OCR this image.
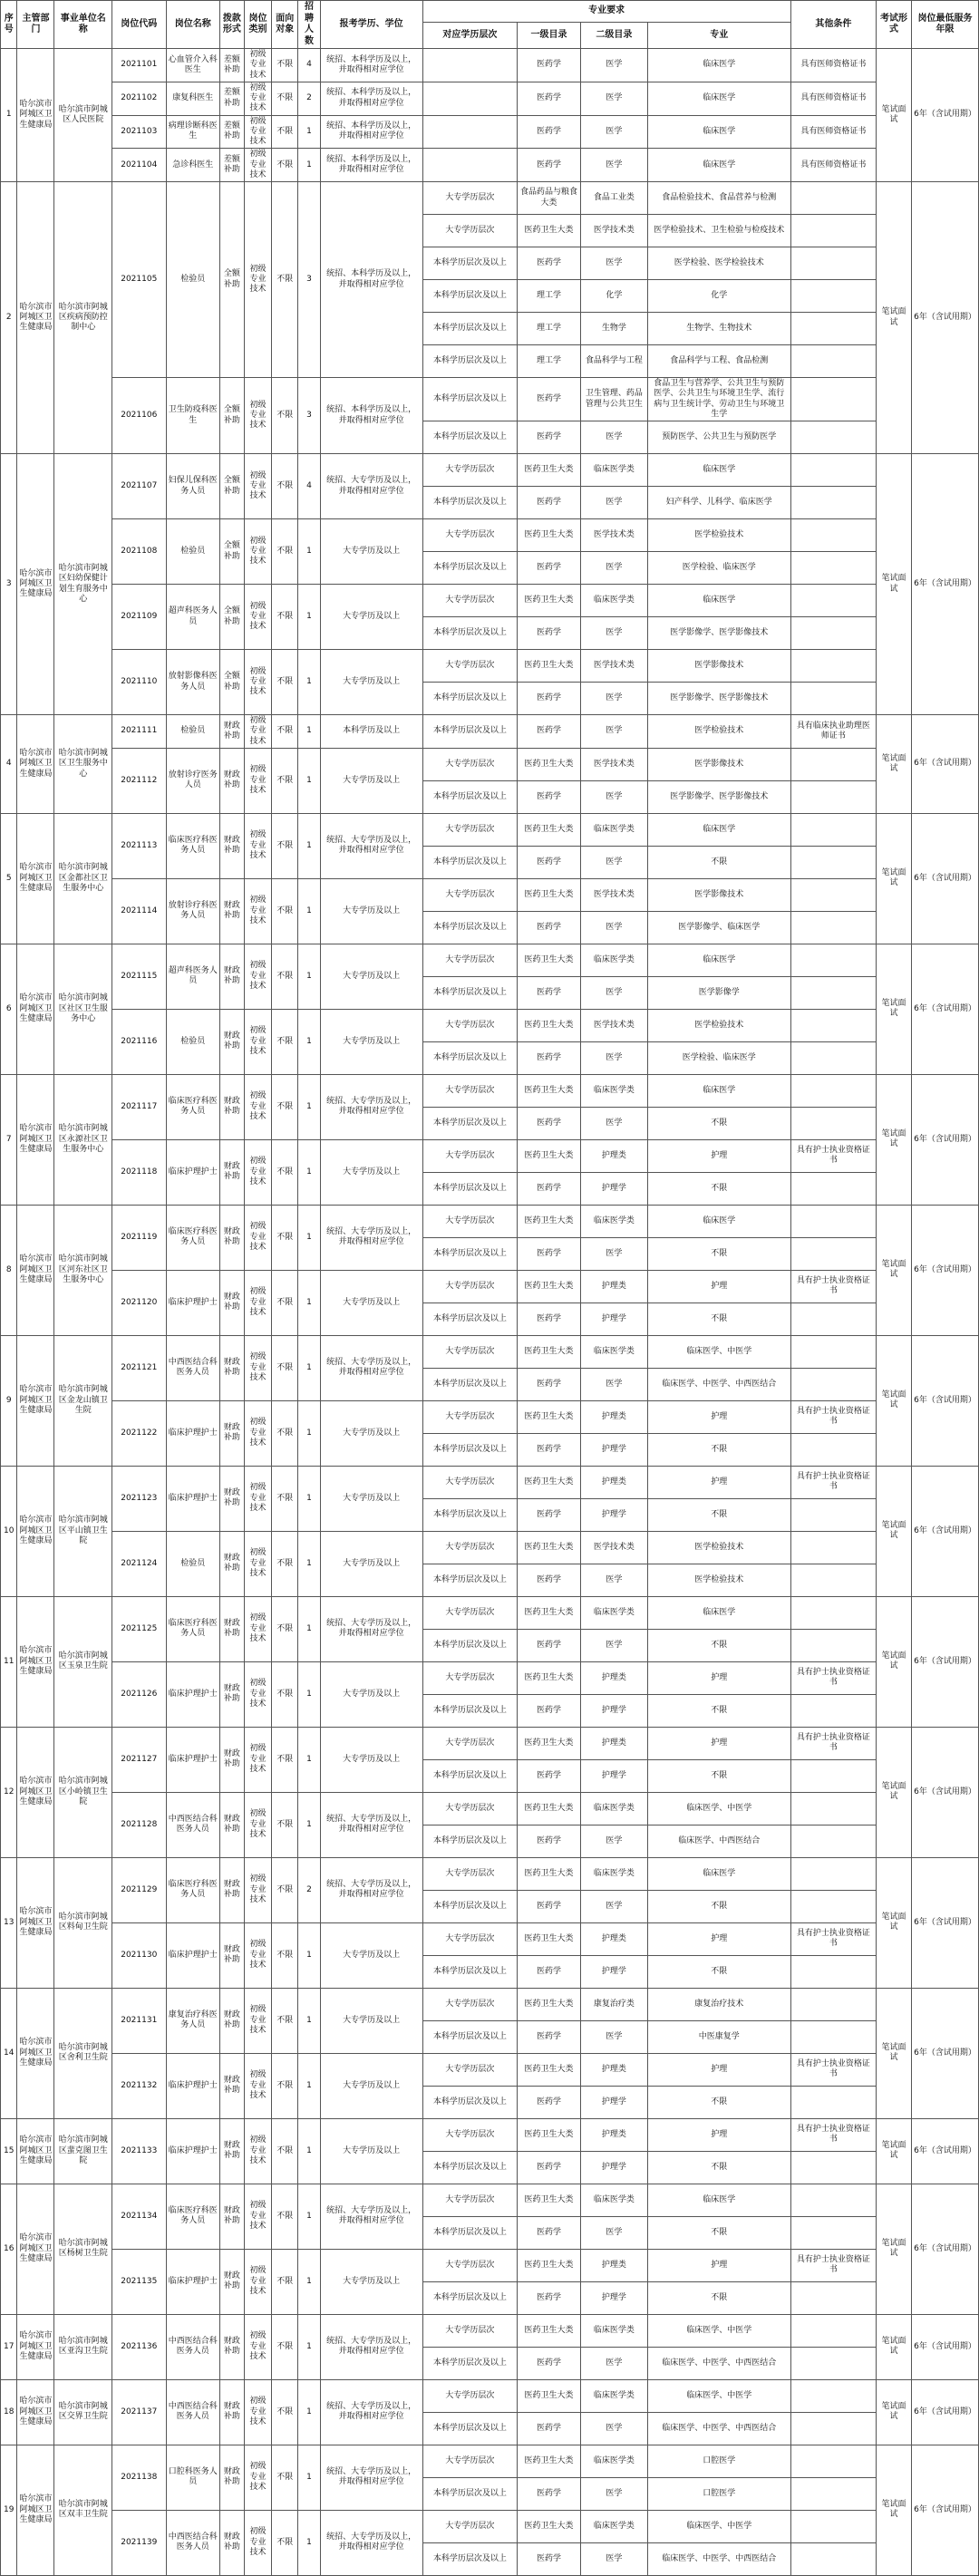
序号	主管部门	事业单位名称	岗位代码	岗位名称	拨款形式	岗位类别	面向对象	招聘人数	报考学历、学位	专业要求				其他条件	考试形式	岗位最低服务年限
										对应学历层次	一级目录	二级目录	专业			
1	哈尔滨市阿城区卫生健康局	哈尔滨市阿城区人民医院	2021101	心血管介入科医生	差额补助	初级专业技术	不限	4	统招、本科学历及以上，并取得相对应学位		医药学	医学	临床医学	具有医师资格证书	笔试面试	6年（含试用期）
			2021102	康复科医生	差额补助	初级专业技术	不限	2	统招、本科学历及以上，并取得相对应学位		医药学	医学	临床医学	具有医师资格证书		
			2021103	病理诊断科医生	差额补助	初级专业技术	不限	1	统招、本科学历及以上，并取得相对应学位		医药学	医学	临床医学	具有医师资格证书		
			2021104	急诊科医生	差额补助	初级专业技术	不限	1	统招、本科学历及以上，并取得相对应学位		医药学	医学	临床医学	具有医师资格证书		
2	哈尔滨市阿城区卫生健康局	哈尔滨市阿城区疾病预防控制中心	2021105	检验员	全额补助	初级专业技术	不限	3	统招、本科学历及以上，并取得相对应学位	大专学历层次	食品药品与粮食大类	食品工业类	食品检验技术、食品营养与检测		笔试面试	6年（含试用期）
										大专学历层次	医药卫生大类	医学技术类	医学检验技术、卫生检验与检疫技术			
										本科学历层次及以上	医药学	医学	医学检验、医学检验技术			
										本科学历层次及以上	理工学	化学	化学			
										本科学历层次及以上	理工学	生物学	生物学、生物技术			
										本科学历层次及以上	理工学	食品科学与工程	食品科学与工程、食品检测			
			2021106	卫生防疫科医生	全额补助	初级专业技术	不限	3	统招、本科学历及以上，并取得相对应学位	本科学历层次及以上	医药学	卫生管理、药品管理与公共卫生	食品卫生与营养学、公共卫生与预防医学、公共卫生与环境卫生学、流行病与卫生统计学、劳动卫生与环境卫生学			
										本科学历层次及以上	医药学	医学	预防医学、公共卫生与预防医学			
3	哈尔滨市阿城区卫生健康局	哈尔滨市阿城区妇幼保健计划生育服务中心	2021107	妇保儿保科医务人员	全额补助	初级专业技术	不限	4	统招、大专学历及以上，并取得相对应学位	大专学历层次	医药卫生大类	临床医学类	临床医学		笔试面试	6年（含试用期）
										本科学历层次及以上	医药学	医学	妇产科学、儿科学、临床医学			
			2021108	检验员	全额补助	初级专业技术	不限	1	大专学历及以上	大专学历层次	医药卫生大类	医学技术类	医学检验技术			
										本科学历层次及以上	医药学	医学	医学检验、临床医学			
			2021109	超声科医务人员	全额补助	初级专业技术	不限	1	大专学历及以上	大专学历层次	医药卫生大类	临床医学类	临床医学			
										本科学历层次及以上	医药学	医学	医学影像学、医学影像技术			
			2021110	放射影像科医务人员	全额补助	初级专业技术	不限	1	大专学历及以上	大专学历层次	医药卫生大类	医学技术类	医学影像技术			
										本科学历层次及以上	医药学	医学	医学影像学、医学影像技术			
4	哈尔滨市阿城区卫生健康局	哈尔滨市阿城区卫生服务中心	2021111	检验员	财政补助	初级专业技术	不限	1	本科学历及以上	本科学历层次及以上	医药学	医学	医学检验技术	具有临床执业助理医师证书	笔试面试	6年（含试用期）
			2021112	放射诊疗医务人员	财政补助	初级专业技术	不限	1	大专学历及以上	大专学历层次	医药卫生大类	医学技术类	医学影像技术			
										本科学历层次及以上	医药学	医学	医学影像学、医学影像技术			
5	哈尔滨市阿城区卫生健康局	哈尔滨市阿城区金都社区卫生服务中心	2021113	临床医疗科医务人员	财政补助	初级专业技术	不限	1	统招、大专学历及以上，并取得相对应学位	大专学历层次	医药卫生大类	临床医学类	临床医学		笔试面试	6年（含试用期）
										本科学历层次及以上	医药学	医学	不限			
			2021114	放射诊疗科医务人员	财政补助	初级专业技术	不限	1	大专学历及以上	大专学历层次	医药卫生大类	医学技术类	医学影像技术			
										本科学历层次及以上	医药学	医学	医学影像学、临床医学			
6	哈尔滨市阿城区卫生健康局	哈尔滨市阿城区社区卫生服务中心	2021115	超声科医务人员	财政补助	初级专业技术	不限	1	大专学历及以上	大专学历层次	医药卫生大类	临床医学类	临床医学		笔试面试	6年（含试用期）
										本科学历层次及以上	医药学	医学	医学影像学			
			2021116	检验员	财政补助	初级专业技术	不限	1	大专学历及以上	大专学历层次	医药卫生大类	医学技术类	医学检验技术			
										本科学历层次及以上	医药学	医学	医学检验、临床医学			
7	哈尔滨市阿城区卫生健康局	哈尔滨市阿城区永源社区卫生服务中心	2021117	临床医疗科医务人员	财政补助	初级专业技术	不限	1	统招、大专学历及以上，并取得相对应学位	大专学历层次	医药卫生大类	临床医学类	临床医学		笔试面试	6年（含试用期）
										本科学历层次及以上	医药学	医学	不限			
			2021118	临床护理护士	财政补助	初级专业技术	不限	1	大专学历及以上	大专学历层次	医药卫生大类	护理类	护理	具有护士执业资格证书		
										本科学历层次及以上	医药学	护理学	不限			
8	哈尔滨市阿城区卫生健康局	哈尔滨市阿城区河东社区卫生服务中心	2021119	临床医疗科医务人员	财政补助	初级专业技术	不限	1	统招、大专学历及以上，并取得相对应学位	大专学历层次	医药卫生大类	临床医学类	临床医学		笔试面试	6年（含试用期）
										本科学历层次及以上	医药学	医学	不限			
			2021120	临床护理护士	财政补助	初级专业技术	不限	1	大专学历及以上	大专学历层次	医药卫生大类	护理类	护理	具有护士执业资格证书		
										本科学历层次及以上	医药学	护理学	不限			
9	哈尔滨市阿城区卫生健康局	哈尔滨市阿城区金龙山镇卫生院	2021121	中西医结合科医务人员	财政补助	初级专业技术	不限	1	统招、大专学历及以上，并取得相对应学位	大专学历层次	医药卫生大类	临床医学类	临床医学、中医学		笔试面试	6年（含试用期）
										本科学历层次及以上	医药学	医学	临床医学、中医学、中西医结合			
			2021122	临床护理护士	财政补助	初级专业技术	不限	1	大专学历及以上	大专学历层次	医药卫生大类	护理类	护理	具有护士执业资格证书		
										本科学历层次及以上	医药学	护理学	不限			
10	哈尔滨市阿城区卫生健康局	哈尔滨市阿城区平山镇卫生院	2021123	临床护理护士	财政补助	初级专业技术	不限	1	大专学历及以上	大专学历层次	医药卫生大类	护理类	护理	具有护士执业资格证书	笔试面试	6年（含试用期）
										本科学历层次及以上	医药学	护理学	不限			
			2021124	检验员	财政补助	初级专业技术	不限	1	大专学历及以上	大专学历层次	医药卫生大类	医学技术类	医学检验技术			
										本科学历层次及以上	医药学	医学	医学检验技术			
11	哈尔滨市阿城区卫生健康局	哈尔滨市阿城区玉泉卫生院	2021125	临床医疗科医务人员	财政补助	初级专业技术	不限	1	统招、大专学历及以上，并取得相对应学位	大专学历层次	医药卫生大类	临床医学类	临床医学		笔试面试	6年（含试用期）
										本科学历层次及以上	医药学	医学	不限			
			2021126	临床护理护士	财政补助	初级专业技术	不限	1	大专学历及以上	大专学历层次	医药卫生大类	护理类	护理	具有护士执业资格证书		
										本科学历层次及以上	医药学	护理学	不限			
12	哈尔滨市阿城区卫生健康局	哈尔滨市阿城区小岭镇卫生院	2021127	临床护理护士	财政补助	初级专业技术	不限	1	大专学历及以上	大专学历层次	医药卫生大类	护理类	护理	具有护士执业资格证书	笔试面试	6年（含试用期）
										本科学历层次及以上	医药学	护理学	不限			
			2021128	中西医结合科医务人员	财政补助	初级专业技术	不限	1	统招、大专学历及以上，并取得相对应学位	大专学历层次	医药卫生大类	临床医学类	临床医学、中医学			
										本科学历层次及以上	医药学	医学	临床医学、中西医结合			
13	哈尔滨市阿城区卫生健康局	哈尔滨市阿城区料甸卫生院	2021129	临床医疗科医务人员	财政补助	初级专业技术	不限	2	统招、大专学历及以上，并取得相对应学位	大专学历层次	医药卫生大类	临床医学类	临床医学		笔试面试	6年（含试用期）
										本科学历层次及以上	医药学	医学	不限			
			2021130	临床护理护士	财政补助	初级专业技术	不限	1	大专学历及以上	大专学历层次	医药卫生大类	护理类	护理	具有护士执业资格证书		
										本科学历层次及以上	医药学	护理学	不限			
14	哈尔滨市阿城区卫生健康局	哈尔滨市阿城区舍利卫生院	2021131	康复治疗科医务人员	财政补助	初级专业技术	不限	1	大专学历及以上	大专学历层次	医药卫生大类	康复治疗类	康复治疗技术		笔试面试	6年（含试用期）
										本科学历层次及以上	医药学	医学	中医康复学			
			2021132	临床护理护士	财政补助	初级专业技术	不限	1	大专学历及以上	大专学历层次	医药卫生大类	护理类	护理	具有护士执业资格证书		
										本科学历层次及以上	医药学	护理学	不限			
15	哈尔滨市阿城区卫生健康局	哈尔滨市阿城区蜚克图卫生院	2021133	临床护理护士	财政补助	初级专业技术	不限	1	大专学历及以上	大专学历层次	医药卫生大类	护理类	护理	具有护士执业资格证书	笔试面试	6年（含试用期）
										本科学历层次及以上	医药学	护理学	不限			
16	哈尔滨市阿城区卫生健康局	哈尔滨市阿城区杨树卫生院	2021134	临床医疗科医务人员	财政补助	初级专业技术	不限	1	统招、大专学历及以上，并取得相对应学位	大专学历层次	医药卫生大类	临床医学类	临床医学		笔试面试	6年（含试用期）
										本科学历层次及以上	医药学	医学	不限			
			2021135	临床护理护士	财政补助	初级专业技术	不限	1	大专学历及以上	大专学历层次	医药卫生大类	护理类	护理	具有护士执业资格证书		
										本科学历层次及以上	医药学	护理学	不限			
17	哈尔滨市阿城区卫生健康局	哈尔滨市阿城区亚沟卫生院	2021136	中西医结合科医务人员	财政补助	初级专业技术	不限	1	统招、大专学历及以上，并取得相对应学位	大专学历层次	医药卫生大类	临床医学类	临床医学、中医学		笔试面试	6年（含试用期）
										本科学历层次及以上	医药学	医学	临床医学、中医学、中西医结合			
18	哈尔滨市阿城区卫生健康局	哈尔滨市阿城区交界卫生院	2021137	中西医结合科医务人员	财政补助	初级专业技术	不限	1	统招、大专学历及以上，并取得相对应学位	大专学历层次	医药卫生大类	临床医学类	临床医学、中医学		笔试面试	6年（含试用期）
										本科学历层次及以上	医药学	医学	临床医学、中医学、中西医结合			
19	哈尔滨市阿城区卫生健康局	哈尔滨市阿城区双丰卫生院	2021138	口腔科医务人员	财政补助	初级专业技术	不限	1	统招、大专学历及以上，并取得相对应学位	大专学历层次	医药卫生大类	临床医学类	口腔医学		笔试面试	6年（含试用期）
										本科学历层次及以上	医药学	医学	口腔医学			
			2021139	中西医结合科医务人员	财政补助	初级专业技术	不限	1	统招、大专学历及以上，并取得相对应学位	大专学历层次	医药卫生大类	临床医学类	临床医学、中医学			
										本科学历层次及以上	医药学	医学	临床医学、中医学、中西医结合			
